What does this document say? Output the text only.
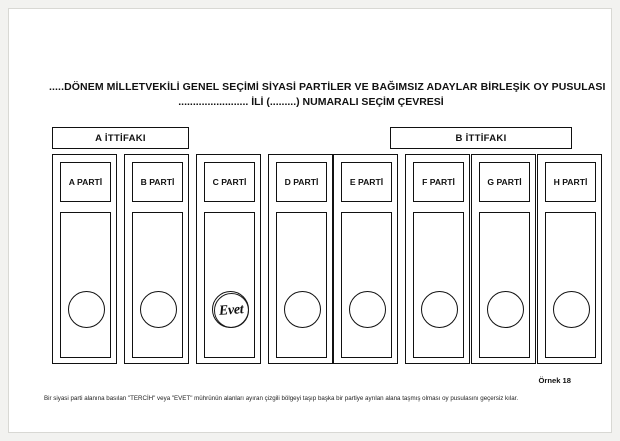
.....DÖNEM MİLLETVEKİLİ GENEL SEÇİMİ SİYASİ PARTİLER VE BAĞIMSIZ ADAYLAR BİRLEŞİK OY PUSULASI
........................ İLİ (.........) NUMARALI SEÇİM ÇEVRESİ
A İTTİFAKI	B İTTİFAKI
A PARTİ	B PARTİ	C PARTİ
Evet
D PARTİ	E PARTİ	F PARTİ	G PARTİ	H PARTİ
Örnek 18
Bir siyasi parti alanına basılan "TERCİH" veya "EVET" mührünün alanları ayıran çizgili bölgeyi taşıp başka bir partiye ayrılan alana taşmış olması oy pusulasını geçersiz kılar.
